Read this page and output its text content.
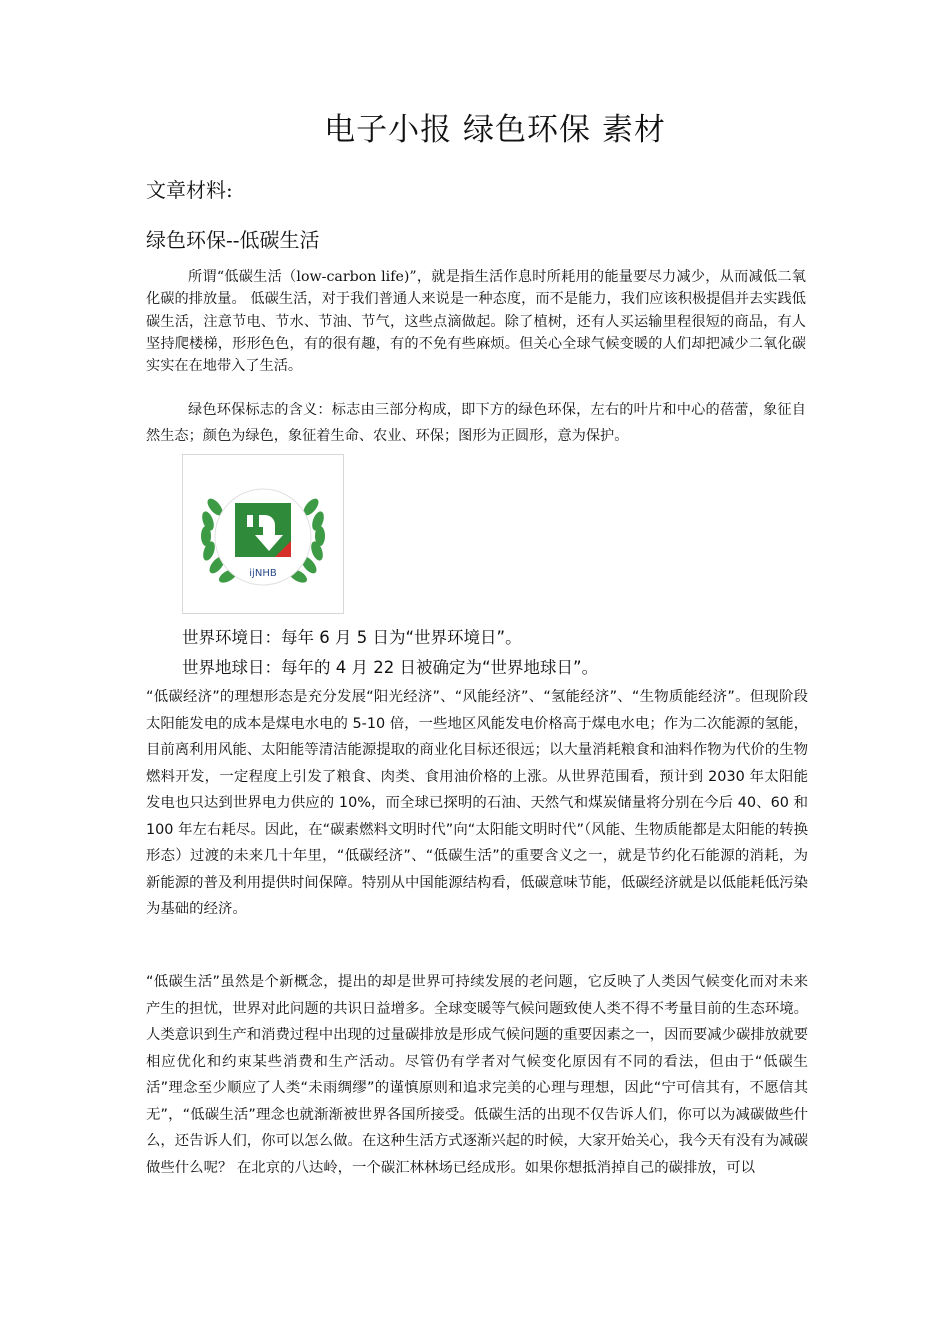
电子小报 绿色环保 素材
文章材料:
绿色环保--低碳生活

所谓“低碳生活（low-carbon life)”，就是指生活作息时所耗用的能量要尽力减少，从而减低二氧化碳的排放量。 低碳生活，对于我们普通人来说是一种态度，而不是能力，我们应该积极提倡并去实践低碳生活，注意节电、节水、节油、节气，这些点滴做起。除了植树，还有人买运输里程很短的商品，有人坚持爬楼梯，形形色色，有的很有趣，有的不免有些麻烦。但关心全球气候变暖的人们却把减少二氧化碳实实在在地带入了生活。

绿色环保标志的含义：标志由三部分构成，即下方的绿色环保，左右的叶片和中心的蓓蕾，象征自然生态；颜色为绿色，象征着生命、农业、环保；图形为正圆形，意为保护。

ijNHB
世界环境日：每年 6 月 5 日为“世界环境日”。
世界地球日：每年的 4 月 22 日被确定为“世界地球日”。

“低碳经济”的理想形态是充分发展“阳光经济”、“风能经济”、“氢能经济”、“生物质能经济”。但现阶段太阳能发电的成本是煤电水电的 5-10 倍，一些地区风能发电价格高于煤电水电；作为二次能源的氢能，目前离利用风能、太阳能等清洁能源提取的商业化目标还很远；以大量消耗粮食和油料作物为代价的生物燃料开发，一定程度上引发了粮食、肉类、食用油价格的上涨。从世界范围看，预计到 2030 年太阳能发电也只达到世界电力供应的 10%，而全球已探明的石油、天然气和煤炭储量将分别在今后 40、60 和 100 年左右耗尽。因此，在“碳素燃料文明时代”向“太阳能文明时代”（风能、生物质能都是太阳能的转换形态）过渡的未来几十年里，“低碳经济”、“低碳生活”的重要含义之一，就是节约化石能源的消耗，为新能源的普及利用提供时间保障。特别从中国能源结构看，低碳意味节能，低碳经济就是以低能耗低污染为基础的经济。

“低碳生活”虽然是个新概念，提出的却是世界可持续发展的老问题，它反映了人类因气候变化而对未来产生的担忧，世界对此问题的共识日益增多。全球变暖等气候问题致使人类不得不考量目前的生态环境。人类意识到生产和消费过程中出现的过量碳排放是形成气候问题的重要因素之一，因而要减少碳排放就要相应优化和约束某些消费和生产活动。尽管仍有学者对气候变化原因有不同的看法，但由于“低碳生活”理念至少顺应了人类“未雨绸缪”的谨慎原则和追求完美的心理与理想，因此“宁可信其有，不愿信其无”，“低碳生活”理念也就渐渐被世界各国所接受。低碳生活的出现不仅告诉人们，你可以为减碳做些什么，还告诉人们，你可以怎么做。在这种生活方式逐渐兴起的时候，大家开始关心，我今天有没有为减碳做些什么呢？ 在北京的八达岭，一个碳汇林林场已经成形。如果你想抵消掉自己的碳排放，可以
